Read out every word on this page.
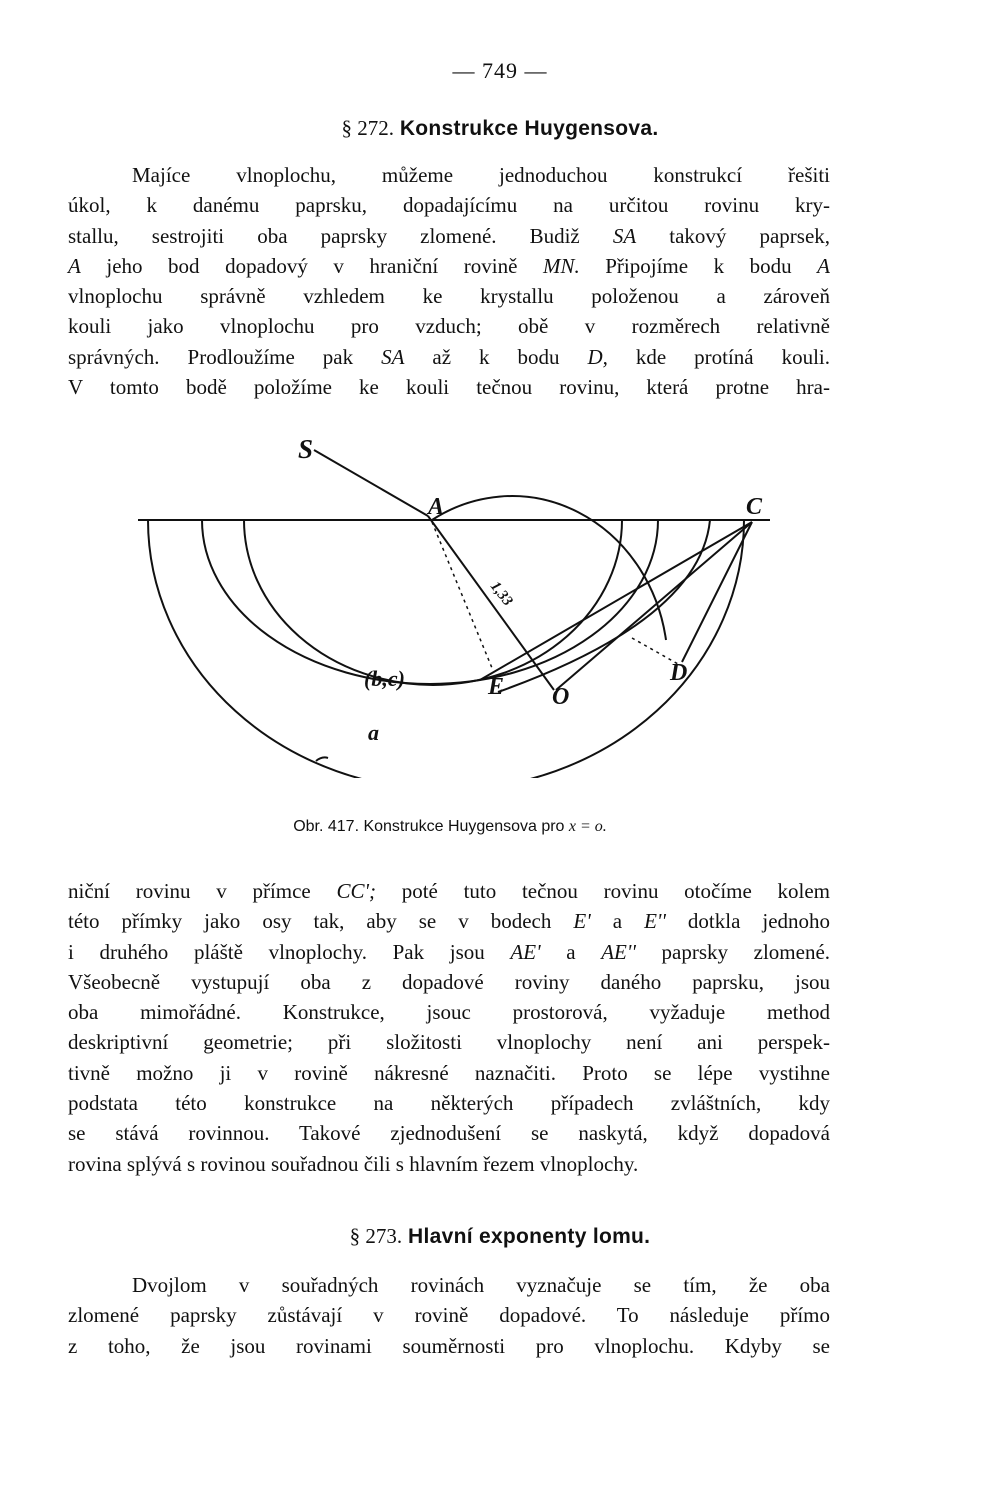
— 749 —
§ 272. Konstrukce Huygensova.
Majíce vlnoplochu, můžeme jednoduchou konstrukcí řešiti
úkol, k danému paprsku, dopadajícímu na určitou rovinu kry-
stallu, sestrojiti oba paprsky zlomené. Budiž SA takový paprsek,
A jeho bod dopadový v hraniční rovině MN. Připojíme k bodu A
vlnoplochu správně vzhledem ke krystallu položenou a zároveň
kouli jako vlnoplochu pro vzduch; obě v rozměrech relativně
správných. Prodloužíme pak SA až k bodu D, kde protíná kouli.
V tomto bodě položíme ke kouli tečnou rovinu, která protne hra-
S
A	C
D
E O
(b,c)
a
1,33
Obr. 417. Konstrukce Huygensova pro x = o.
niční rovinu v přímce CC'; poté tuto tečnou rovinu otočíme kolem
této přímky jako osy tak, aby se v bodech E' a E'' dotkla jednoho
i druhého pláště vlnoplochy. Pak jsou AE' a AE'' paprsky zlomené.
Všeobecně vystupují oba z dopadové roviny daného paprsku, jsou
oba mimořádné. Konstrukce, jsouc prostorová, vyžaduje method
deskriptivní geometrie; při složitosti vlnoplochy není ani perspek-
tivně možno ji v rovině nákresné naznačiti. Proto se lépe vystihne
podstata této konstrukce na některých případech zvláštních, kdy
se stává rovinnou. Takové zjednodušení se naskytá, když dopadová
rovina splývá s rovinou souřadnou čili s hlavním řezem vlnoplochy.
§ 273. Hlavní exponenty lomu.
Dvojlom v souřadných rovinách vyznačuje se tím, že oba
zlomené paprsky zůstávají v rovině dopadové. To následuje přímo
z toho, že jsou rovinami souměrnosti pro vlnoplochu. Kdyby se
